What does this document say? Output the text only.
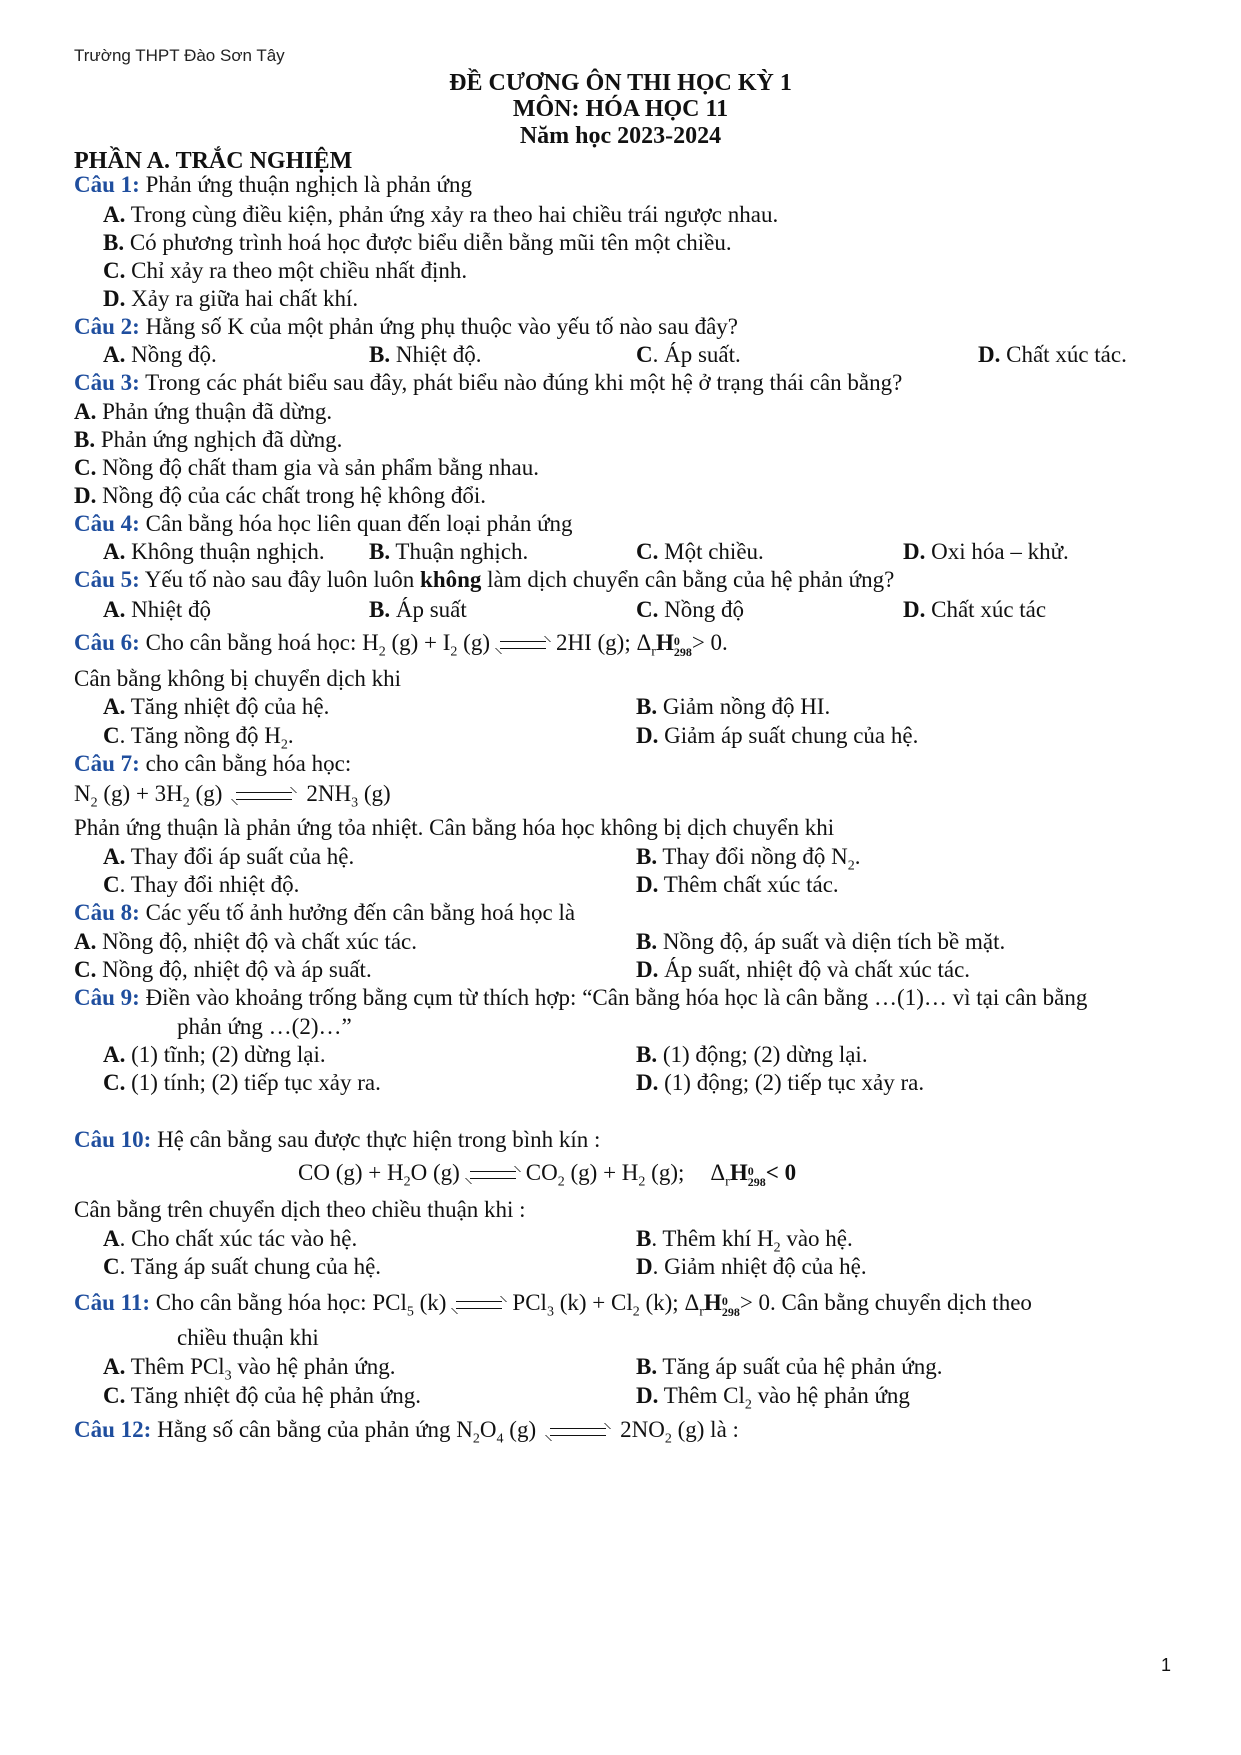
Trường THPT Đào Sơn Tây
ĐỀ CƯƠNG ÔN THI HỌC KỲ 1
MÔN: HÓA HỌC 11
Năm học 2023-2024
PHẦN A. TRẮC NGHIỆM
Câu 1: Phản ứng thuận nghịch là phản ứng
A. Trong cùng điều kiện, phản ứng xảy ra theo hai chiều trái ngược nhau.
B. Có phương trình hoá học được biểu diễn bằng mũi tên một chiều.
C. Chỉ xảy ra theo một chiều nhất định.
D. Xảy ra giữa hai chất khí.
Câu 2: Hằng số K của một phản ứng phụ thuộc vào yếu tố nào sau đây?
A. Nồng độ.	B. Nhiệt độ.	C. Áp suất.	D. Chất xúc tác.
Câu 3: Trong các phát biểu sau đây, phát biểu nào đúng khi một hệ ở trạng thái cân bằng?
A. Phản ứng thuận đã dừng.
B. Phản ứng nghịch đã dừng.
C. Nồng độ chất tham gia và sản phẩm bằng nhau.
D. Nồng độ của các chất trong hệ không đổi.
Câu 4: Cân bằng hóa học liên quan đến loại phản ứng
A. Không thuận nghịch. B. Thuận nghịch.	C. Một chiều.	D. Oxi hóa – khử.
Câu 5: Yếu tố nào sau đây luôn luôn không làm dịch chuyển cân bằng của hệ phản ứng?
A. Nhiệt độ	B. Áp suất	C. Nồng độ	D. Chất xúc tác
Câu 6: Cho cân bằng hoá học: $H_2$ $(g) + I_2$ (g)	2HI (g); $\Delta_rH0$
298> 0.
Cân bằng không bị chuyển dịch khi
A. Tăng nhiệt độ của hệ.	B. Giảm nồng độ HI.
C. Tăng nồng độ $H_2$.	D. Giảm áp suất chung của hệ.
Câu 7: cho cân bằng hóa học:
$N_2$ $(g) + 3H_2$ (g)	$2NH_3$ (g)
Phản ứng thuận là phản ứng tỏa nhiệt. Cân bằng hóa học không bị dịch chuyển khi
A. Thay đổi áp suất của hệ.	B. Thay đổi nồng độ $N_2$.
C. Thay đổi nhiệt độ.	D. Thêm chất xúc tác.
Câu 8: Các yếu tố ảnh hưởng đến cân bằng hoá học là
A. Nồng độ, nhiệt độ và chất xúc tác.	B. Nồng độ, áp suất và diện tích bề mặt.
C. Nồng độ, nhiệt độ và áp suất.	D. Áp suất, nhiệt độ và chất xúc tác.
Câu 9: Điền vào khoảng trống bằng cụm từ thích hợp: “Cân bằng hóa học là cân bằng …(1)… vì tại cân bằng
phản ứng …(2)…”
A. (1) tĩnh; (2) dừng lại.	B. (1) động; (2) dừng lại.
C. (1) tính; (2) tiếp tục xảy ra.	D. (1) động; (2) tiếp tục xảy ra.
Câu 10: Hệ cân bằng sau được thực hiện trong bình kín :
CO $(g) + H_2O$ (g)	$CO_2$ $(g) + H_2$ (g); $\Delta_rH0$
298< 0
Cân bằng trên chuyển dịch theo chiều thuận khi :
A. Cho chất xúc tác vào hệ.	B. Thêm khí $H_2$ vào hệ.
C. Tăng áp suất chung của hệ.	D. Giảm nhiệt độ của hệ.
Câu 11: Cho cân bằng hóa học: PCl$_5$ (k)	PCl$_3$ $(k) + Cl_2$ (k); $\Delta_rH0$
298> 0. Cân bằng chuyển dịch theo
chiều thuận khi
A. Thêm PCl$_3$ vào hệ phản ứng.	B. Tăng áp suất của hệ phản ứng.
C. Tăng nhiệt độ của hệ phản ứng.	D. Thêm $Cl_2$ vào hệ phản ứng
Câu 12: Hằng số cân bằng của phản ứng $N_2O_4$ (g)	$2NO_2$ (g) là :
1
